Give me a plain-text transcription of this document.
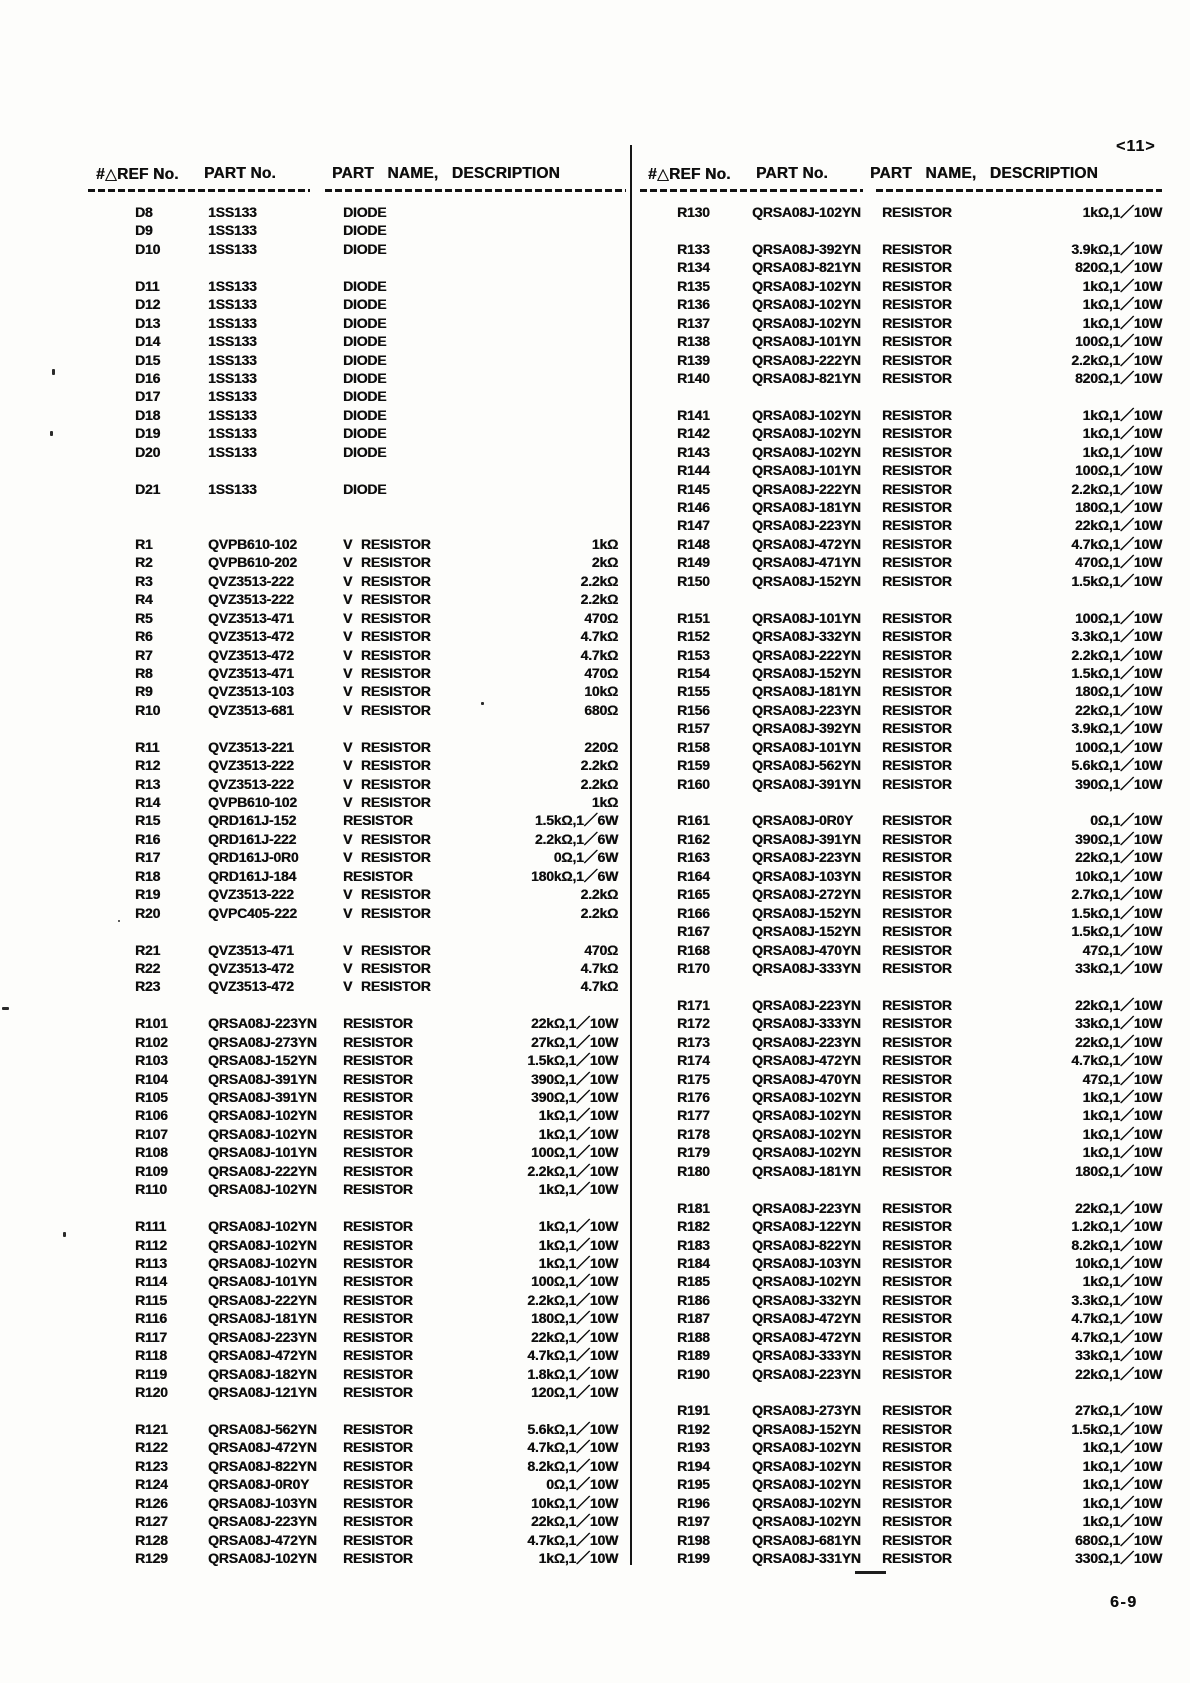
<11>
#△REF No. PART No.	PART NAME, DESCRIPTION
D8	1SS133	DIODE
D9	1SS133	DIODE
D10	1SS133	DIODE
D11	1SS133	DIODE
D12	1SS133	DIODE
D13	1SS133	DIODE
D14	1SS133	DIODE
D15	1SS133	DIODE
D16	1SS133	DIODE
D17	1SS133	DIODE
D18	1SS133	DIODE
D19	1SS133	DIODE
D20	1SS133	DIODE
D21	1SS133	DIODE
R1	QVPB610-102	V RESISTOR	1kΩ
R2	QVPB610-202	V RESISTOR	2kΩ
R3	QVZ3513-222	V RESISTOR	2.2kΩ
R4	QVZ3513-222	V RESISTOR	2.2kΩ
R5	QVZ3513-471	V RESISTOR	470Ω
R6	QVZ3513-472	V RESISTOR	4.7kΩ
R7	QVZ3513-472	V RESISTOR	4.7kΩ
R8	QVZ3513-471	V RESISTOR	470Ω
R9	QVZ3513-103	V RESISTOR	10kΩ
R10	QVZ3513-681	V RESISTOR	680Ω
R11	QVZ3513-221	V RESISTOR	220Ω
R12	QVZ3513-222	V RESISTOR	2.2kΩ
R13	QVZ3513-222	V RESISTOR	2.2kΩ
R14	QVPB610-102	V RESISTOR	1kΩ
R15	QRD161J-152	RESISTOR	1.5kΩ,1／6W
R16	QRD161J-222	V RESISTOR	2.2kΩ,1／6W
R17	QRD161J-0R0	V RESISTOR	0Ω,1／6W
R18	QRD161J-184	RESISTOR	180kΩ,1／6W
R19	QVZ3513-222	V RESISTOR	2.2kΩ
R20	QVPC405-222	V RESISTOR	2.2kΩ
R21	QVZ3513-471	V RESISTOR	470Ω
R22	QVZ3513-472	V RESISTOR	4.7kΩ
R23	QVZ3513-472	V RESISTOR	4.7kΩ
R101	QRSA08J-223YN RESISTOR	22kΩ,1／10W
R102	QRSA08J-273YN RESISTOR	27kΩ,1／10W
R103	QRSA08J-152YN RESISTOR	1.5kΩ,1／10W
R104	QRSA08J-391YN RESISTOR	390Ω,1／10W
R105	QRSA08J-391YN RESISTOR	390Ω,1／10W
R106	QRSA08J-102YN RESISTOR	1kΩ,1／10W
R107	QRSA08J-102YN RESISTOR	1kΩ,1／10W
R108	QRSA08J-101YN RESISTOR	100Ω,1／10W
R109	QRSA08J-222YN RESISTOR	2.2kΩ,1／10W
R110	QRSA08J-102YN RESISTOR	1kΩ,1／10W
R111	QRSA08J-102YN RESISTOR	1kΩ,1／10W
R112	QRSA08J-102YN RESISTOR	1kΩ,1／10W
R113	QRSA08J-102YN RESISTOR	1kΩ,1／10W
R114	QRSA08J-101YN RESISTOR	100Ω,1／10W
R115	QRSA08J-222YN RESISTOR	2.2kΩ,1／10W
R116	QRSA08J-181YN RESISTOR	180Ω,1／10W
R117	QRSA08J-223YN RESISTOR	22kΩ,1／10W
R118	QRSA08J-472YN RESISTOR	4.7kΩ,1／10W
R119	QRSA08J-182YN RESISTOR	1.8kΩ,1／10W
R120	QRSA08J-121YN RESISTOR	120Ω,1／10W
R121	QRSA08J-562YN RESISTOR	5.6kΩ,1／10W
R122	QRSA08J-472YN RESISTOR	4.7kΩ,1／10W
R123	QRSA08J-822YN RESISTOR	8.2kΩ,1／10W
R124	QRSA08J-0R0Y RESISTOR	0Ω,1／10W
R126	QRSA08J-103YN RESISTOR	10kΩ,1／10W
R127	QRSA08J-223YN RESISTOR	22kΩ,1／10W
R128	QRSA08J-472YN RESISTOR	4.7kΩ,1／10W
R129	QRSA08J-102YN RESISTOR	1kΩ,1／10W
#△REF No. PART No.	PART NAME, DESCRIPTION
R130	QRSA08J-102YN RESISTOR	1kΩ,1／10W
R133	QRSA08J-392YN RESISTOR	3.9kΩ,1／10W
R134	QRSA08J-821YN RESISTOR	820Ω,1／10W
R135	QRSA08J-102YN RESISTOR	1kΩ,1／10W
R136	QRSA08J-102YN RESISTOR	1kΩ,1／10W
R137	QRSA08J-102YN RESISTOR	1kΩ,1／10W
R138	QRSA08J-101YN RESISTOR	100Ω,1／10W
R139	QRSA08J-222YN RESISTOR	2.2kΩ,1／10W
R140	QRSA08J-821YN RESISTOR	820Ω,1／10W
R141	QRSA08J-102YN RESISTOR	1kΩ,1／10W
R142	QRSA08J-102YN RESISTOR	1kΩ,1／10W
R143	QRSA08J-102YN RESISTOR	1kΩ,1／10W
R144	QRSA08J-101YN RESISTOR	100Ω,1／10W
R145	QRSA08J-222YN RESISTOR	2.2kΩ,1／10W
R146	QRSA08J-181YN RESISTOR	180Ω,1／10W
R147	QRSA08J-223YN RESISTOR	22kΩ,1／10W
R148	QRSA08J-472YN RESISTOR	4.7kΩ,1／10W
R149	QRSA08J-471YN RESISTOR	470Ω,1／10W
R150	QRSA08J-152YN RESISTOR	1.5kΩ,1／10W
R151	QRSA08J-101YN RESISTOR	100Ω,1／10W
R152	QRSA08J-332YN RESISTOR	3.3kΩ,1／10W
R153	QRSA08J-222YN RESISTOR	2.2kΩ,1／10W
R154	QRSA08J-152YN RESISTOR	1.5kΩ,1／10W
R155	QRSA08J-181YN RESISTOR	180Ω,1／10W
R156	QRSA08J-223YN RESISTOR	22kΩ,1／10W
R157	QRSA08J-392YN RESISTOR	3.9kΩ,1／10W
R158	QRSA08J-101YN RESISTOR	100Ω,1／10W
R159	QRSA08J-562YN RESISTOR	5.6kΩ,1／10W
R160	QRSA08J-391YN RESISTOR	390Ω,1／10W
R161	QRSA08J-0R0Y RESISTOR	0Ω,1／10W
R162	QRSA08J-391YN RESISTOR	390Ω,1／10W
R163	QRSA08J-223YN RESISTOR	22kΩ,1／10W
R164	QRSA08J-103YN RESISTOR	10kΩ,1／10W
R165	QRSA08J-272YN RESISTOR	2.7kΩ,1／10W
R166	QRSA08J-152YN RESISTOR	1.5kΩ,1／10W
R167	QRSA08J-152YN RESISTOR	1.5kΩ,1／10W
R168	QRSA08J-470YN RESISTOR	47Ω,1／10W
R170	QRSA08J-333YN RESISTOR	33kΩ,1／10W
R171	QRSA08J-223YN RESISTOR	22kΩ,1／10W
R172	QRSA08J-333YN RESISTOR	33kΩ,1／10W
R173	QRSA08J-223YN RESISTOR	22kΩ,1／10W
R174	QRSA08J-472YN RESISTOR	4.7kΩ,1／10W
R175	QRSA08J-470YN RESISTOR	47Ω,1／10W
R176	QRSA08J-102YN RESISTOR	1kΩ,1／10W
R177	QRSA08J-102YN RESISTOR	1kΩ,1／10W
R178	QRSA08J-102YN RESISTOR	1kΩ,1／10W
R179	QRSA08J-102YN RESISTOR	1kΩ,1／10W
R180	QRSA08J-181YN RESISTOR	180Ω,1／10W
R181	QRSA08J-223YN RESISTOR	22kΩ,1／10W
R182	QRSA08J-122YN RESISTOR	1.2kΩ,1／10W
R183	QRSA08J-822YN RESISTOR	8.2kΩ,1／10W
R184	QRSA08J-103YN RESISTOR	10kΩ,1／10W
R185	QRSA08J-102YN RESISTOR	1kΩ,1／10W
R186	QRSA08J-332YN RESISTOR	3.3kΩ,1／10W
R187	QRSA08J-472YN RESISTOR	4.7kΩ,1／10W
R188	QRSA08J-472YN RESISTOR	4.7kΩ,1／10W
R189	QRSA08J-333YN RESISTOR	33kΩ,1／10W
R190	QRSA08J-223YN RESISTOR	22kΩ,1／10W
R191	QRSA08J-273YN RESISTOR	27kΩ,1／10W
R192	QRSA08J-152YN RESISTOR	1.5kΩ,1／10W
R193	QRSA08J-102YN RESISTOR	1kΩ,1／10W
R194	QRSA08J-102YN RESISTOR	1kΩ,1／10W
R195	QRSA08J-102YN RESISTOR	1kΩ,1／10W
R196	QRSA08J-102YN RESISTOR	1kΩ,1／10W
R197	QRSA08J-102YN RESISTOR	1kΩ,1／10W
R198	QRSA08J-681YN RESISTOR	680Ω,1／10W
R199	QRSA08J-331YN RESISTOR	330Ω,1／10W
6-9
